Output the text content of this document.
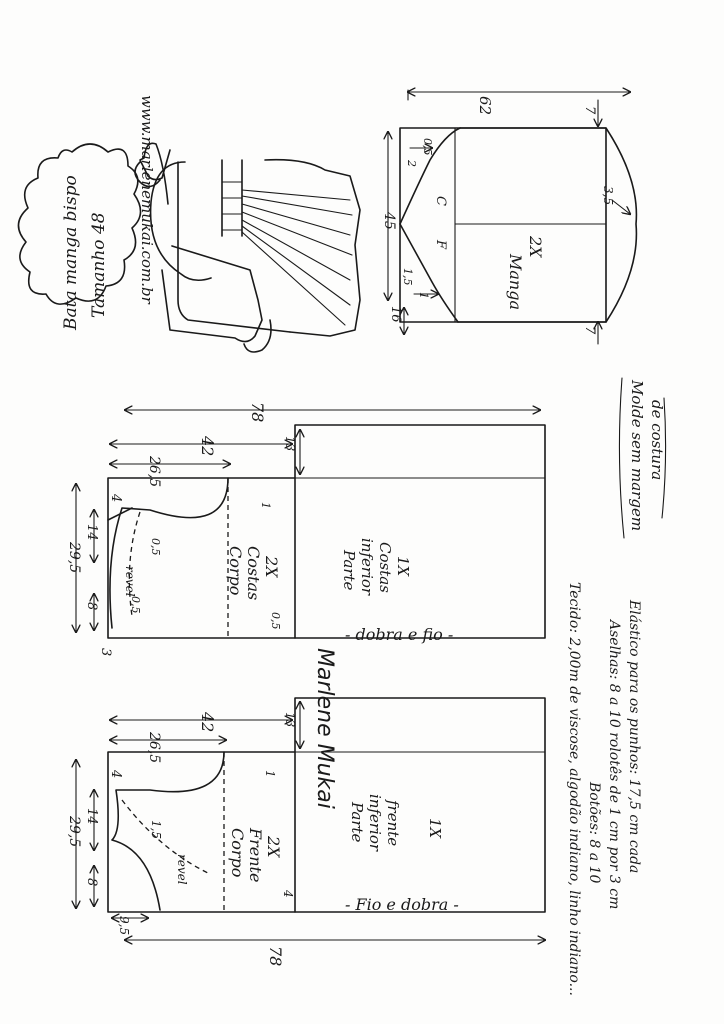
Bata manga bispo Tamanho 48 www.marlenemukai.com.br	62
45
16
7
7
3,5
C
F
2
0,5
1,5
1	Manga
2X
Molde sem margem de costura
78
42
26,5
29,5
14
8
3
4
13
0,5
0,5
0,5
1
revel	Corpo Costas 2X	Parte inferior Costas 1X
- dobra e fio -
Marlene Mukai
78
42
26,5
29,5 14
8
9,5
4
4
13
1,5
1
revel Corpo Frente 2X
Parte inferior frente 1X
- Fio e dobra -	Tecido: 2,00m de viscose, algodão indiano, linho indiano... Botões: 8 a 10 Aselhas: 8 a 10 rolotês de 1 cm por 3 cm Elástico para os punhos: 17,5 cm cada
